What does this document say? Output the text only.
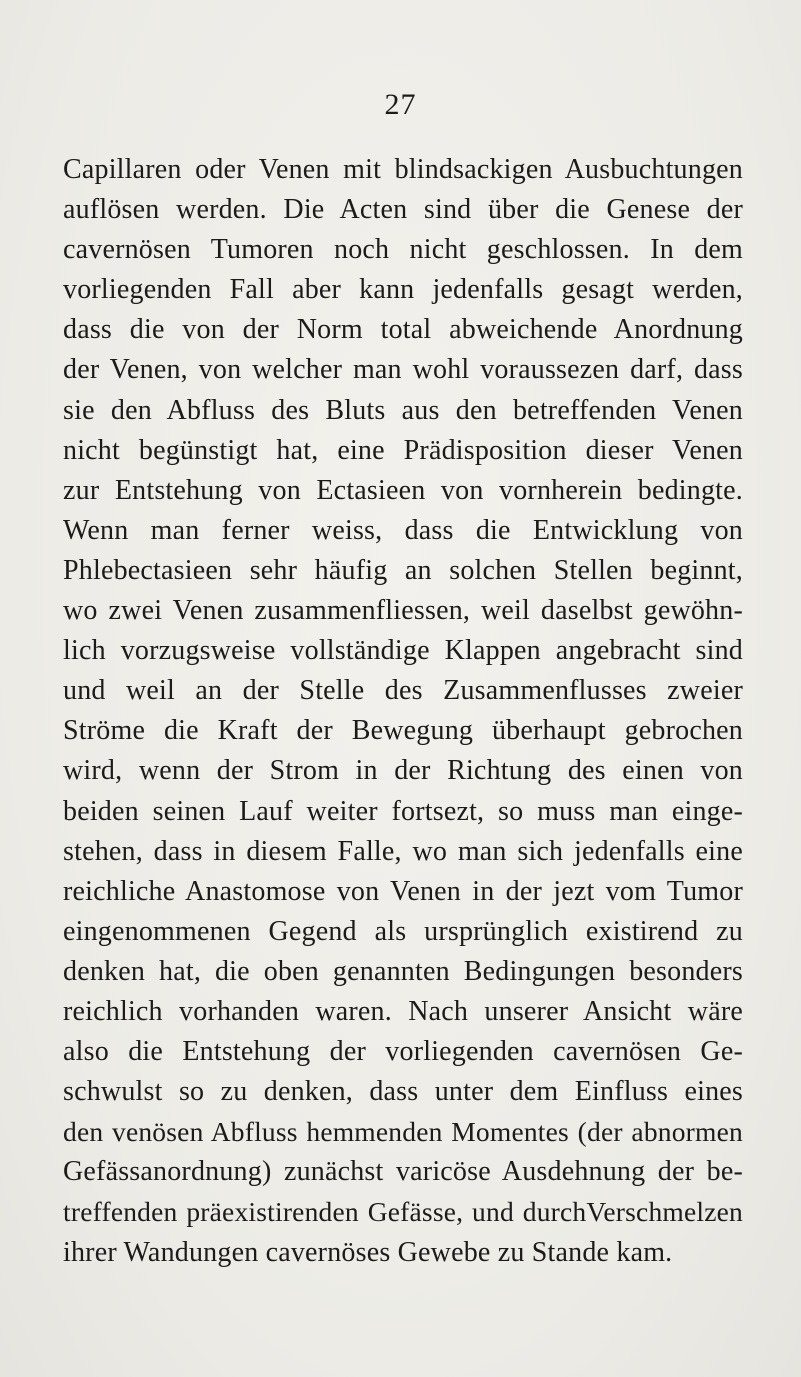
27
Capillaren oder Venen mit blindsackigen Ausbuchtungen
auflösen werden. Die Acten sind über die Genese der
cavernösen Tumoren noch nicht geschlossen. In dem
vorliegenden Fall aber kann jedenfalls gesagt werden,
dass die von der Norm total abweichende Anordnung
der Venen, von welcher man wohl voraussezen darf, dass
sie den Abfluss des Bluts aus den betreffenden Venen
nicht begünstigt hat, eine Prädisposition dieser Venen
zur Entstehung von Ectasieen von vornherein bedingte.
Wenn man ferner weiss, dass die Entwicklung von
Phlebectasieen sehr häufig an solchen Stellen beginnt,
wo zwei Venen zusammenfliessen, weil daselbst gewöhn-
lich vorzugsweise vollständige Klappen angebracht sind
und weil an der Stelle des Zusammenflusses zweier
Ströme die Kraft der Bewegung überhaupt gebrochen
wird, wenn der Strom in der Richtung des einen von
beiden seinen Lauf weiter fortsezt, so muss man einge-
stehen, dass in diesem Falle, wo man sich jedenfalls eine
reichliche Anastomose von Venen in der jezt vom Tumor
eingenommenen Gegend als ursprünglich existirend zu
denken hat, die oben genannten Bedingungen besonders
reichlich vorhanden waren. Nach unserer Ansicht wäre
also die Entstehung der vorliegenden cavernösen Ge-
schwulst so zu denken, dass unter dem Einfluss eines
den venösen Abfluss hemmenden Momentes (der abnormen
Gefässanordnung) zunächst varicöse Ausdehnung der be-
treffenden präexistirenden Gefässe, und durchVerschmelzen
ihrer Wandungen cavernöses Gewebe zu Stande kam.
